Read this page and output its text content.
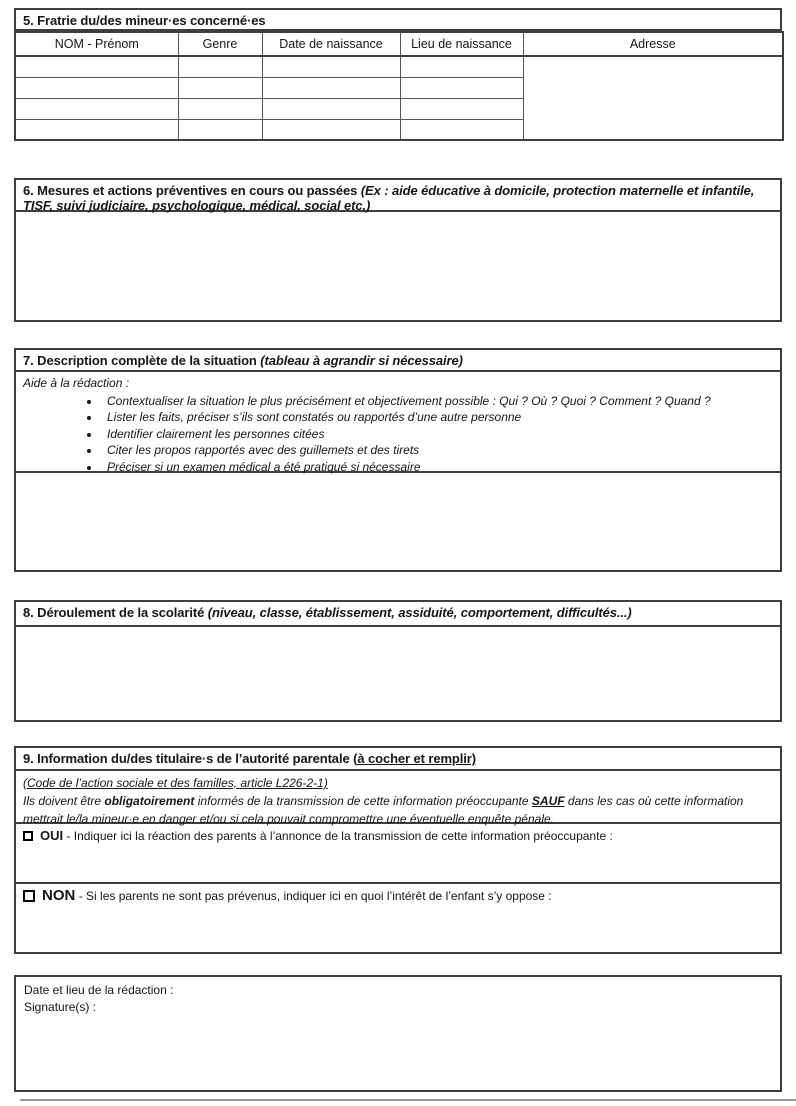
5. Fratrie du/des mineur·es concerné·es
NOM - Prénom	Genre	Date de naissance	Lieu de naissance	Adresse

6. Mesures et actions préventives en cours ou passées (Ex : aide éducative à domicile, protection maternelle et infantile, TISF, suivi judiciaire, psychologique, médical, social etc.)
7. Description complète de la situation (tableau à agrandir si nécessaire)
Aide à la rédaction :
• Contextualiser la situation le plus précisément et objectivement possible : Qui ? Où ? Quoi ? Comment ? Quand ?
• Lister les faits, préciser s’ils sont constatés ou rapportés d’une autre personne
• Identifier clairement les personnes citées
• Citer les propos rapportés avec des guillemets et des tirets
• Préciser si un examen médical a été pratiqué si nécessaire
8. Déroulement de la scolarité (niveau, classe, établissement, assiduité, comportement, difficultés...)
9. Information du/des titulaire·s de l’autorité parentale (à cocher et remplir)
(Code de l’action sociale et des familles, article L226-2-1)
Ils doivent être obligatoirement informés de la transmission de cette information préoccupante SAUF dans les cas où cette information mettrait le/la mineur·e en danger et/ou si cela pouvait compromettre une éventuelle enquête pénale.
OUI - Indiquer ici la réaction des parents à l’annonce de la transmission de cette information préoccupante :
NON - Si les parents ne sont pas prévenus, indiquer ici en quoi l’intérêt de l’enfant s’y oppose :
Date et lieu de la rédaction :
Signature(s) :
